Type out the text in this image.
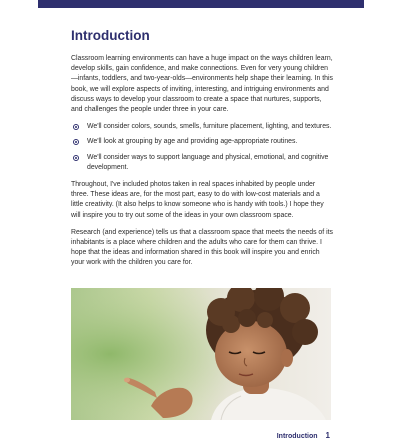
Introduction

Classroom learning environments can have a huge impact on the ways children learn, develop skills, gain confidence, and make connections. Even for very young children—infants, toddlers, and two-year-olds—environments help shape their learning. In this book, we will explore aspects of inviting, interesting, and intriguing environments and discuss ways to develop your classroom to create a space that nurtures, supports, and challenges the people under three in your care.

We'll consider colors, sounds, smells, furniture placement, lighting, and textures.
We'll look at grouping by age and providing age-appropriate routines.
We'll consider ways to support language and physical, emotional, and cognitive development.

Throughout, I've included photos taken in real spaces inhabited by people under three. These ideas are, for the most part, easy to do with low-cost materials and a little creativity. (It also helps to know someone who is handy with tools.) I hope they will inspire you to try out some of the ideas in your own classroom space.

Research (and experience) tells us that a classroom space that meets the needs of its inhabitants is a place where children and the adults who care for them can thrive. I hope that the ideas and information shared in this book will inspire you and enrich your work with the children you care for.

Introduction 1
